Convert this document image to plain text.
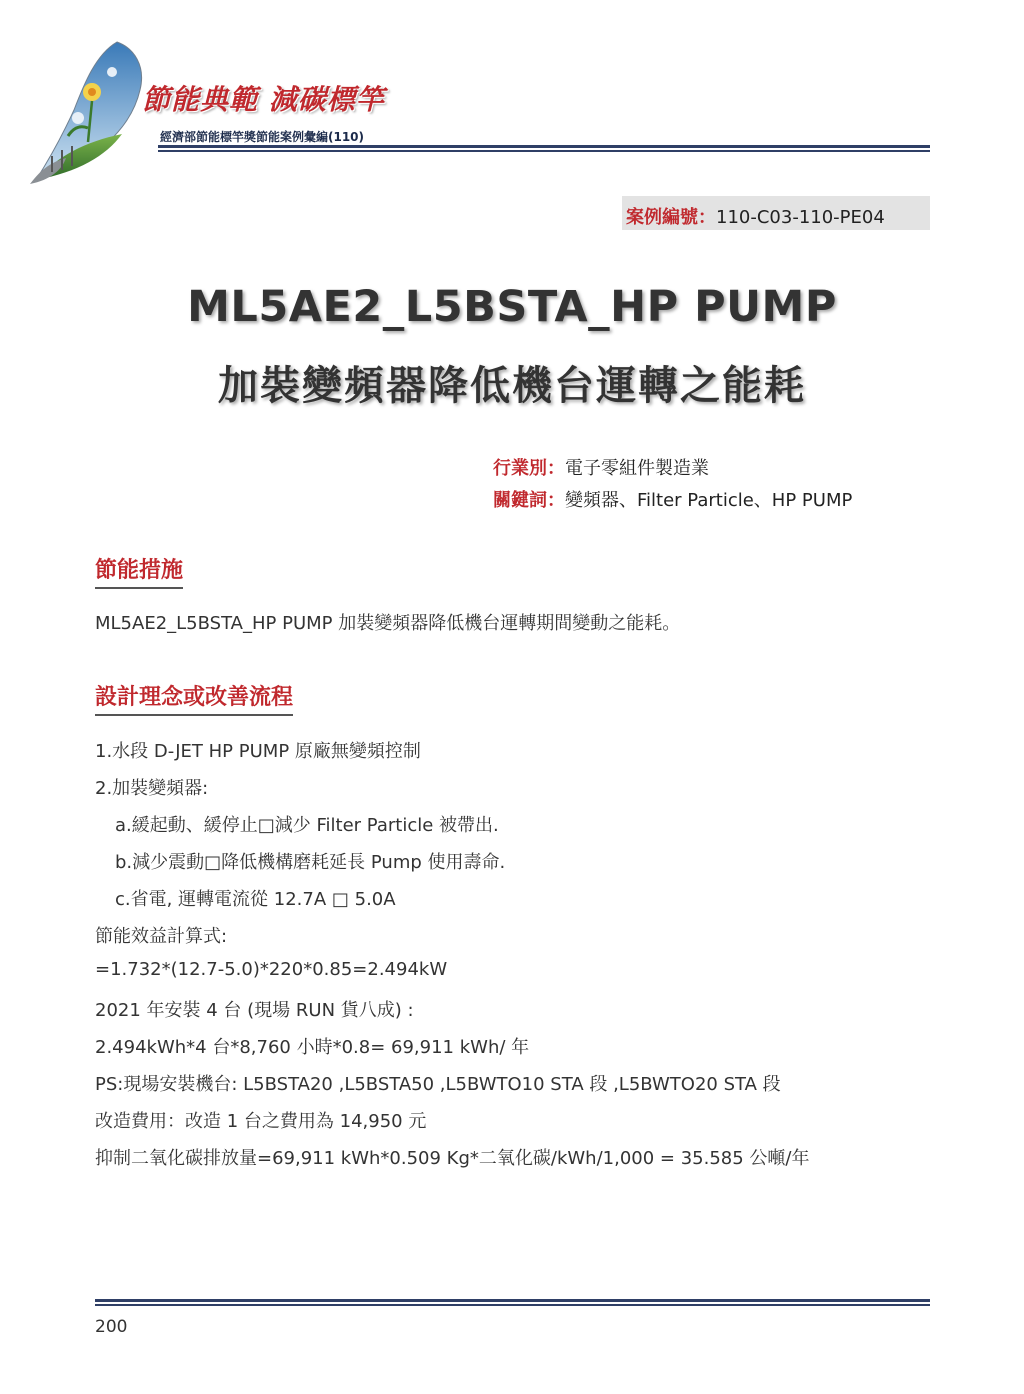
節能典範 減碳標竿
經濟部節能標竿獎節能案例彙編(110)
案例編號：110-C03-110-PE04
ML5AE2_L5BSTA_HP PUMP
加裝變頻器降低機台運轉之能耗
行業別：電子零組件製造業
關鍵詞：變頻器、Filter Particle、HP PUMP
節能措施
ML5AE2_L5BSTA_HP PUMP 加裝變頻器降低機台運轉期間變動之能耗。
設計理念或改善流程
1.水段 D-JET HP PUMP 原廠無變頻控制
2.加裝變頻器:
a.緩起動、緩停止□減少 Filter Particle 被帶出.
b.減少震動□降低機構磨耗延長 Pump 使用壽命.
c.省電, 運轉電流從 12.7A □ 5.0A
節能效益計算式:
=1.732*(12.7-5.0)*220*0.85=2.494kW
2021 年安裝 4 台 (現場 RUN 貨八成) :
2.494kWh*4 台*8,760 小時*0.8= 69,911 kWh/ 年
PS:現場安裝機台: L5BSTA20 ,L5BSTA50 ,L5BWTO10 STA 段 ,L5BWTO20 STA 段
改造費用：改造 1 台之費用為 14,950 元
抑制二氧化碳排放量=69,911 kWh*0.509 Kg*二氧化碳/kWh/1,000 = 35.585 公噸/年
200
